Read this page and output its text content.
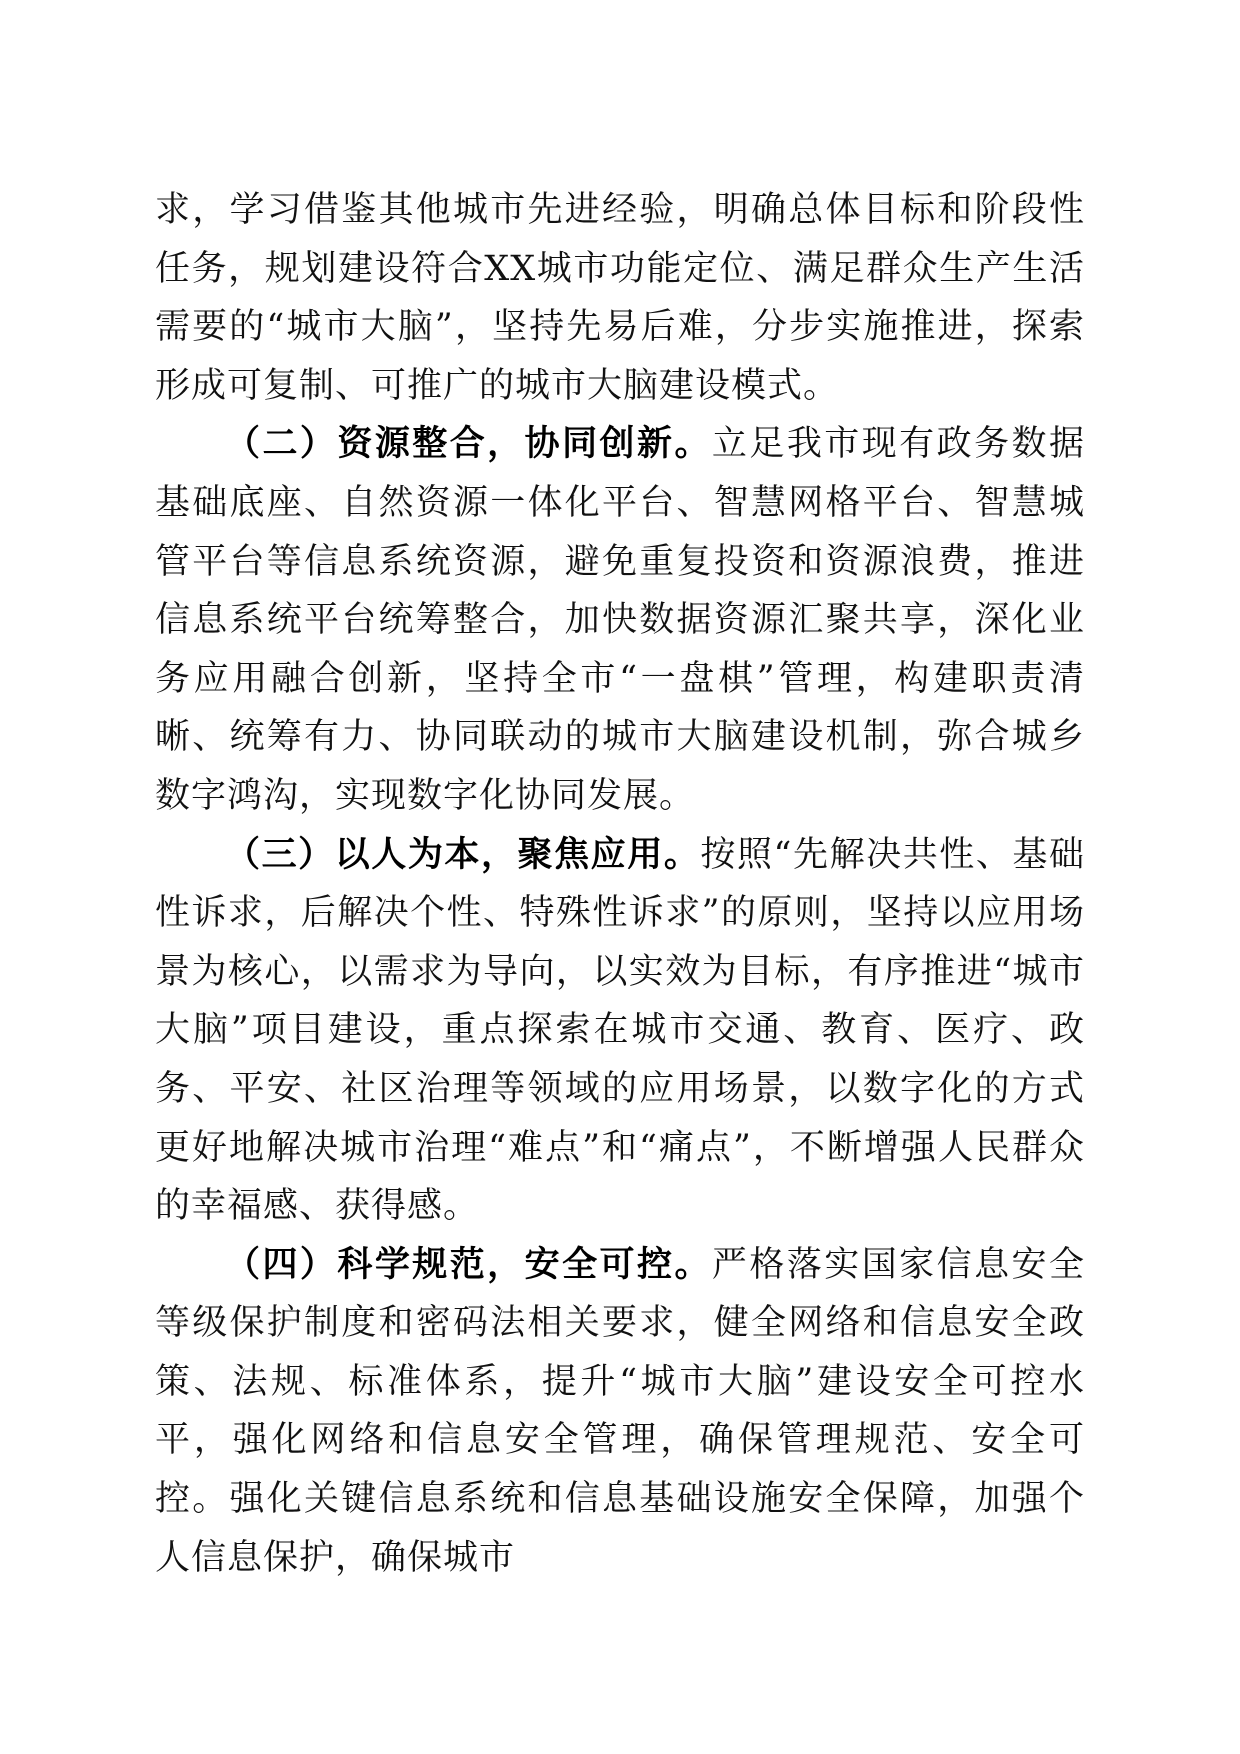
求，学习借鉴其他城市先进经验，明确总体目标和阶段性任务，规划建设符合XX城市功能定位、满足群众生产生活需要的“城市大脑”，坚持先易后难，分步实施推进，探索形成可复制、可推广的城市大脑建设模式。

（二）资源整合，协同创新。立足我市现有政务数据基础底座、自然资源一体化平台、智慧网格平台、智慧城管平台等信息系统资源，避免重复投资和资源浪费，推进信息系统平台统筹整合，加快数据资源汇聚共享，深化业务应用融合创新，坚持全市“一盘棋”管理，构建职责清晰、统筹有力、协同联动的城市大脑建设机制，弥合城乡数字鸿沟，实现数字化协同发展。

（三）以人为本，聚焦应用。按照“先解决共性、基础性诉求，后解决个性、特殊性诉求”的原则，坚持以应用场景为核心，以需求为导向，以实效为目标，有序推进“城市大脑”项目建设，重点探索在城市交通、教育、医疗、政务、平安、社区治理等领域的应用场景，以数字化的方式更好地解决城市治理“难点”和“痛点”，不断增强人民群众的幸福感、获得感。

（四）科学规范，安全可控。严格落实国家信息安全等级保护制度和密码法相关要求，健全网络和信息安全政策、法规、标准体系，提升“城市大脑”建设安全可控水平，强化网络和信息安全管理，确保管理规范、安全可控。强化关键信息系统和信息基础设施安全保障，加强个人信息保护，确保城市
